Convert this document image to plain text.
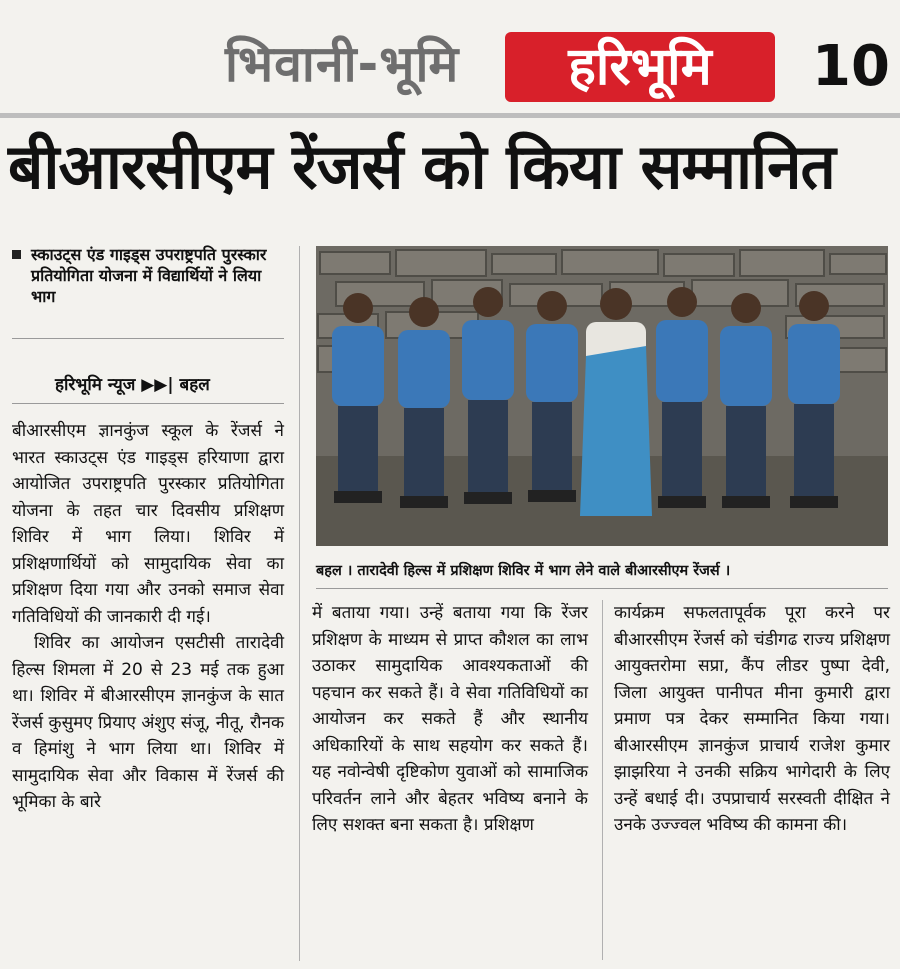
भिवानी-भूमि	हरिभूमि	10
बीआरसीएम रेंजर्स को किया सम्मानित
स्काउट्स एंड गाइड्स उपराष्ट्रपति पुरस्कार प्रतियोगिता योजना में विद्यार्थियों ने लिया भाग
हरिभूमि न्यूज ▶▶| बहल

बीआरसीएम ज्ञानकुंज स्कूल के रेंजर्स ने भारत स्काउट्स एंड गाइड्स हरियाणा द्वारा आयोजित उपराष्ट्रपति पुरस्कार प्रतियोगिता योजना के तहत चार दिवसीय प्रशिक्षण शिविर में भाग लिया। शिविर में प्रशिक्षणार्थियों को सामुदायिक सेवा का प्रशिक्षण दिया गया और उनको समाज सेवा गतिविधियों की जानकारी दी गई।

शिविर का आयोजन एसटीसी तारादेवी हिल्स शिमला में 20 से 23 मई तक हुआ था। शिविर में बीआरसीएम ज्ञानकुंज के सात रेंजर्स कुसुमए प्रियाए अंशुए संजू, नीतू, रौनक व हिमांशु ने भाग लिया था। शिविर में सामुदायिक सेवा और विकास में रेंजर्स की भूमिका के बारे

बहल । तारादेवी हिल्स में प्रशिक्षण शिविर में भाग लेने वाले बीआरसीएम रेंजर्स ।

में बताया गया। उन्हें बताया गया कि रेंजर प्रशिक्षण के माध्यम से प्राप्त कौशल का लाभ उठाकर सामुदायिक आवश्यकताओं की पहचान कर सकते हैं। वे सेवा गतिविधियों का आयोजन कर सकते हैं और स्थानीय अधिकारियों के साथ सहयोग कर सकते हैं। यह नवोन्वेषी दृष्टिकोण युवाओं को सामाजिक परिवर्तन लाने और बेहतर भविष्य बनाने के लिए सशक्त बना सकता है। प्रशिक्षण

कार्यक्रम सफलतापूर्वक पूरा करने पर बीआरसीएम रेंजर्स को चंडीगढ राज्य प्रशिक्षण आयुक्तरोमा सप्रा, कैंप लीडर पुष्पा देवी, जिला आयुक्त पानीपत मीना कुमारी द्वारा प्रमाण पत्र देकर सम्मानित किया गया। बीआरसीएम ज्ञानकुंज प्राचार्य राजेश कुमार झाझरिया ने उनकी सक्रिय भागेदारी के लिए उन्हें बधाई दी। उपप्राचार्य सरस्वती दीक्षित ने उनके उज्ज्वल भविष्य की कामना की।
